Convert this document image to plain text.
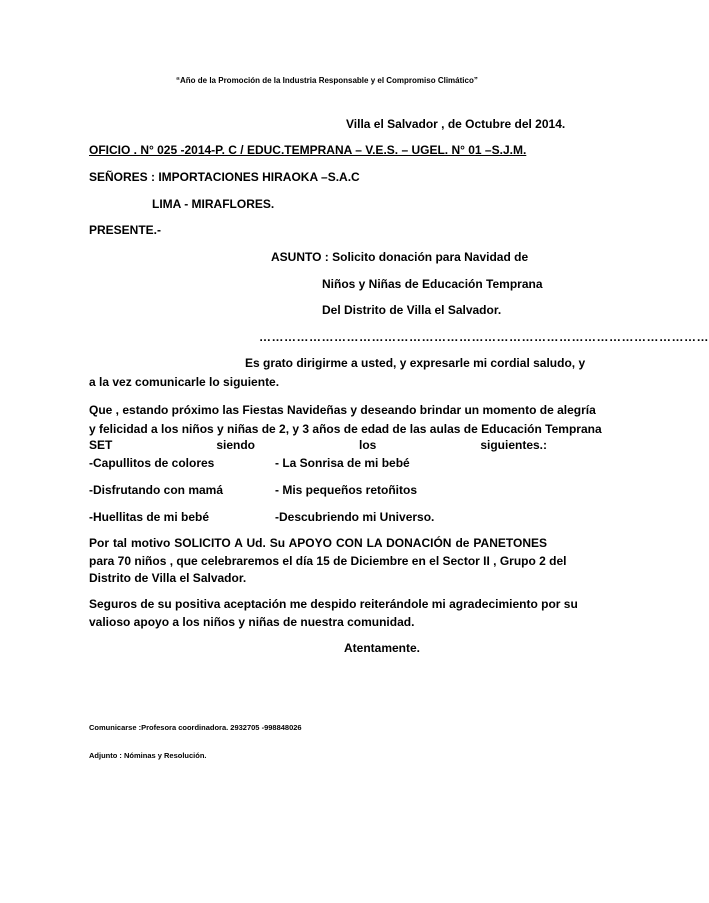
“Año de la Promoción de la Industria Responsable y el Compromiso Climático”
Villa el Salvador , de Octubre del 2014.
OFICIO . N° 025 -2014-P. C / EDUC.TEMPRANA – V.E.S. – UGEL. N° 01 –S.J.M.
SEÑORES : IMPORTACIONES HIRAOKA –S.A.C
LIMA - MIRAFLORES.
PRESENTE.-
ASUNTO : Solicito donación para Navidad de
Niños y Niñas de Educación Temprana
Del Distrito de Villa el Salvador.
………………………………………………………………………………………………
Es grato dirigirme a usted, y expresarle mi cordial saludo, y
a la vez comunicarle lo siguiente.
Que , estando próximo las Fiestas Navideñas y deseando brindar un momento de alegría
y felicidad a los niños y niñas de 2, y 3 años de edad de las aulas de Educación Temprana
SET siendo los siguientes.:
-Capullitos de colores	- La Sonrisa de mi bebé
-Disfrutando con mamá	- Mis pequeños retoñitos
-Huellitas de mi bebé	-Descubriendo mi Universo.
Por tal motivo SOLICITO A Ud. Su APOYO CON LA DONACIÓN de PANETONES
para 70 niños , que celebraremos el día 15 de Diciembre en el Sector II , Grupo 2 del
Distrito de Villa el Salvador.
Seguros de su positiva aceptación me despido reiterándole mi agradecimiento por su
valioso apoyo a los niños y niñas de nuestra comunidad.
Atentamente.
Comunicarse :Profesora coordinadora. 2932705 -998848026
Adjunto : Nóminas y Resolución.
